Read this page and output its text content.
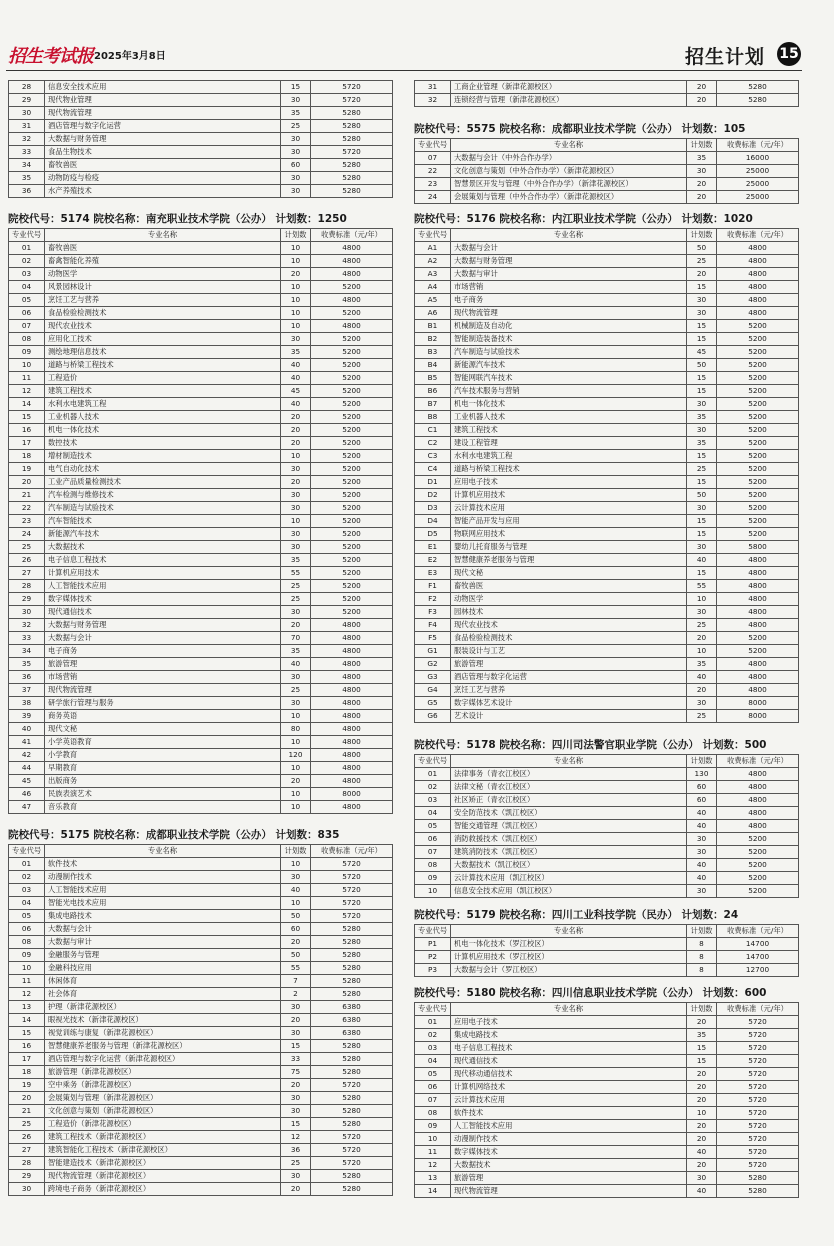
招生考试报 2025年3月8日	招生计划 15
28	信息安全技术应用	15	5720
29	现代物业管理	30	5720
30	现代物流管理	35	5280
31	酒店管理与数字化运营	25	5280
32	大数据与财务管理	30	5280
33	食品生物技术	30	5720
34	畜牧兽医	60	5280
35	动物防疫与检疫	30	5280
36	水产养殖技术	30	5280
院校代号：5174 院校名称：南充职业技术学院（公办） 计划数：1250
专业代号	专业名称	计划数	收费标准（元/年）
01	畜牧兽医	10	4800
02	畜禽智能化养殖	10	4800
03	动物医学	20	4800
04	风景园林设计	10	5200
05	烹饪工艺与营养	10	4800
06	食品检验检测技术	10	5200
07	现代农业技术	10	4800
08	应用化工技术	30	5200
09	测绘地理信息技术	35	5200
10	道路与桥梁工程技术	40	5200
11	工程造价	40	5200
12	建筑工程技术	45	5200
14	水利水电建筑工程	40	5200
15	工业机器人技术	20	5200
16	机电一体化技术	20	5200
17	数控技术	20	5200
18	增材制造技术	10	5200
19	电气自动化技术	30	5200
20	工业产品质量检测技术	20	5200
21	汽车检测与维修技术	30	5200
22	汽车制造与试验技术	30	5200
23	汽车智能技术	10	5200
24	新能源汽车技术	30	5200
25	大数据技术	30	5200
26	电子信息工程技术	35	5200
27	计算机应用技术	55	5200
28	人工智能技术应用	25	5200
29	数字媒体技术	25	5200
30	现代通信技术	30	5200
32	大数据与财务管理	20	4800
33	大数据与会计	70	4800
34	电子商务	35	4800
35	旅游管理	40	4800
36	市场营销	30	4800
37	现代物流管理	25	4800
38	研学旅行管理与服务	30	4800
39	商务英语	10	4800
40	现代文秘	80	4800
41	小学英语教育	10	4800
42	小学教育	120	4800
44	早期教育	10	4800
45	出版商务	20	4800
46	民族表演艺术	10	8000
47	音乐教育	10	4800
院校代号：5175 院校名称：成都职业技术学院（公办） 计划数：835
专业代号	专业名称	计划数	收费标准（元/年）
01	软件技术	10	5720
02	动漫制作技术	30	5720
03	人工智能技术应用	40	5720
04	智能光电技术应用	10	5720
05	集成电路技术	50	5720
06	大数据与会计	60	5280
08	大数据与审计	20	5280
09	金融服务与管理	50	5280
10	金融科技应用	55	5280
11	休闲体育	7	5280
12	社会体育	2	5280
13	护理（新津花源校区）	30	6380
14	眼视光技术（新津花源校区）	20	6380
15	视觉训练与康复（新津花源校区）	30	6380
16	智慧健康养老服务与管理（新津花源校区）	15	5280
17	酒店管理与数字化运营（新津花源校区）	33	5280
18	旅游管理（新津花源校区）	75	5280
19	空中乘务（新津花源校区）	20	5720
20	会展策划与管理（新津花源校区）	30	5280
21	文化创意与策划（新津花源校区）	30	5280
25	工程造价（新津花源校区）	15	5280
26	建筑工程技术（新津花源校区）	12	5720
27	建筑智能化工程技术（新津花源校区）	36	5720
28	智能建造技术（新津花源校区）	25	5720
29	现代物流管理（新津花源校区）	30	5280
30	跨境电子商务（新津花源校区）	20	5280
31	工商企业管理（新津花源校区）	20	5280
32	连锁经营与管理（新津花源校区）	20	5280
院校代号：5575 院校名称：成都职业技术学院（公办） 计划数：105
专业代号	专业名称	计划数	收费标准（元/年）
07	大数据与会计（中外合作办学）	35	16000
22	文化创意与策划（中外合作办学）（新津花源校区）	30	25000
23	智慧景区开发与管理（中外合作办学）（新津花源校区）	20	25000
24	会展策划与管理（中外合作办学）（新津花源校区）	20	25000
院校代号：5176 院校名称：内江职业技术学院（公办） 计划数：1020
专业代号	专业名称	计划数	收费标准（元/年）
A1	大数据与会计	50	4800
A2	大数据与财务管理	25	4800
A3	大数据与审计	20	4800
A4	市场营销	15	4800
A5	电子商务	30	4800
A6	现代物流管理	30	4800
B1	机械制造及自动化	15	5200
B2	智能制造装备技术	15	5200
B3	汽车制造与试验技术	45	5200
B4	新能源汽车技术	50	5200
B5	智能网联汽车技术	15	5200
B6	汽车技术服务与营销	15	5200
B7	机电一体化技术	30	5200
B8	工业机器人技术	35	5200
C1	建筑工程技术	30	5200
C2	建设工程管理	35	5200
C3	水利水电建筑工程	15	5200
C4	道路与桥梁工程技术	25	5200
D1	应用电子技术	15	5200
D2	计算机应用技术	50	5200
D3	云计算技术应用	30	5200
D4	智能产品开发与应用	15	5200
D5	物联网应用技术	15	5200
E1	婴幼儿托育服务与管理	30	5800
E2	智慧健康养老服务与管理	40	4800
E3	现代文秘	15	4800
F1	畜牧兽医	55	4800
F2	动物医学	10	4800
F3	园林技术	30	4800
F4	现代农业技术	25	4800
F5	食品检验检测技术	20	5200
G1	服装设计与工艺	10	5200
G2	旅游管理	35	4800
G3	酒店管理与数字化运营	40	4800
G4	烹饪工艺与营养	20	4800
G5	数字媒体艺术设计	30	8000
G6	艺术设计	25	8000
院校代号：5178 院校名称：四川司法警官职业学院（公办） 计划数：500
专业代号	专业名称	计划数	收费标准（元/年）
01	法律事务（青衣江校区）	130	4800
02	法律文秘（青衣江校区）	60	4800
03	社区矫正（青衣江校区）	60	4800
04	安全防范技术（凯江校区）	40	4800
05	智能交通管理（凯江校区）	40	4800
06	消防救援技术（凯江校区）	30	5200
07	建筑消防技术（凯江校区）	30	5200
08	大数据技术（凯江校区）	40	5200
09	云计算技术应用（凯江校区）	40	5200
10	信息安全技术应用（凯江校区）	30	5200
院校代号：5179 院校名称：四川工业科技学院（民办） 计划数：24
专业代号	专业名称	计划数	收费标准（元/年）
P1	机电一体化技术（罗江校区）	8	14700
P2	计算机应用技术（罗江校区）	8	14700
P3	大数据与会计（罗江校区）	8	12700
院校代号：5180 院校名称：四川信息职业技术学院（公办） 计划数：600
专业代号	专业名称	计划数	收费标准（元/年）
01	应用电子技术	20	5720
02	集成电路技术	35	5720
03	电子信息工程技术	15	5720
04	现代通信技术	15	5720
05	现代移动通信技术	20	5720
06	计算机网络技术	20	5720
07	云计算技术应用	20	5720
08	软件技术	10	5720
09	人工智能技术应用	20	5720
10	动漫制作技术	20	5720
11	数字媒体技术	40	5720
12	大数据技术	20	5720
13	旅游管理	30	5280
14	现代物流管理	40	5280
